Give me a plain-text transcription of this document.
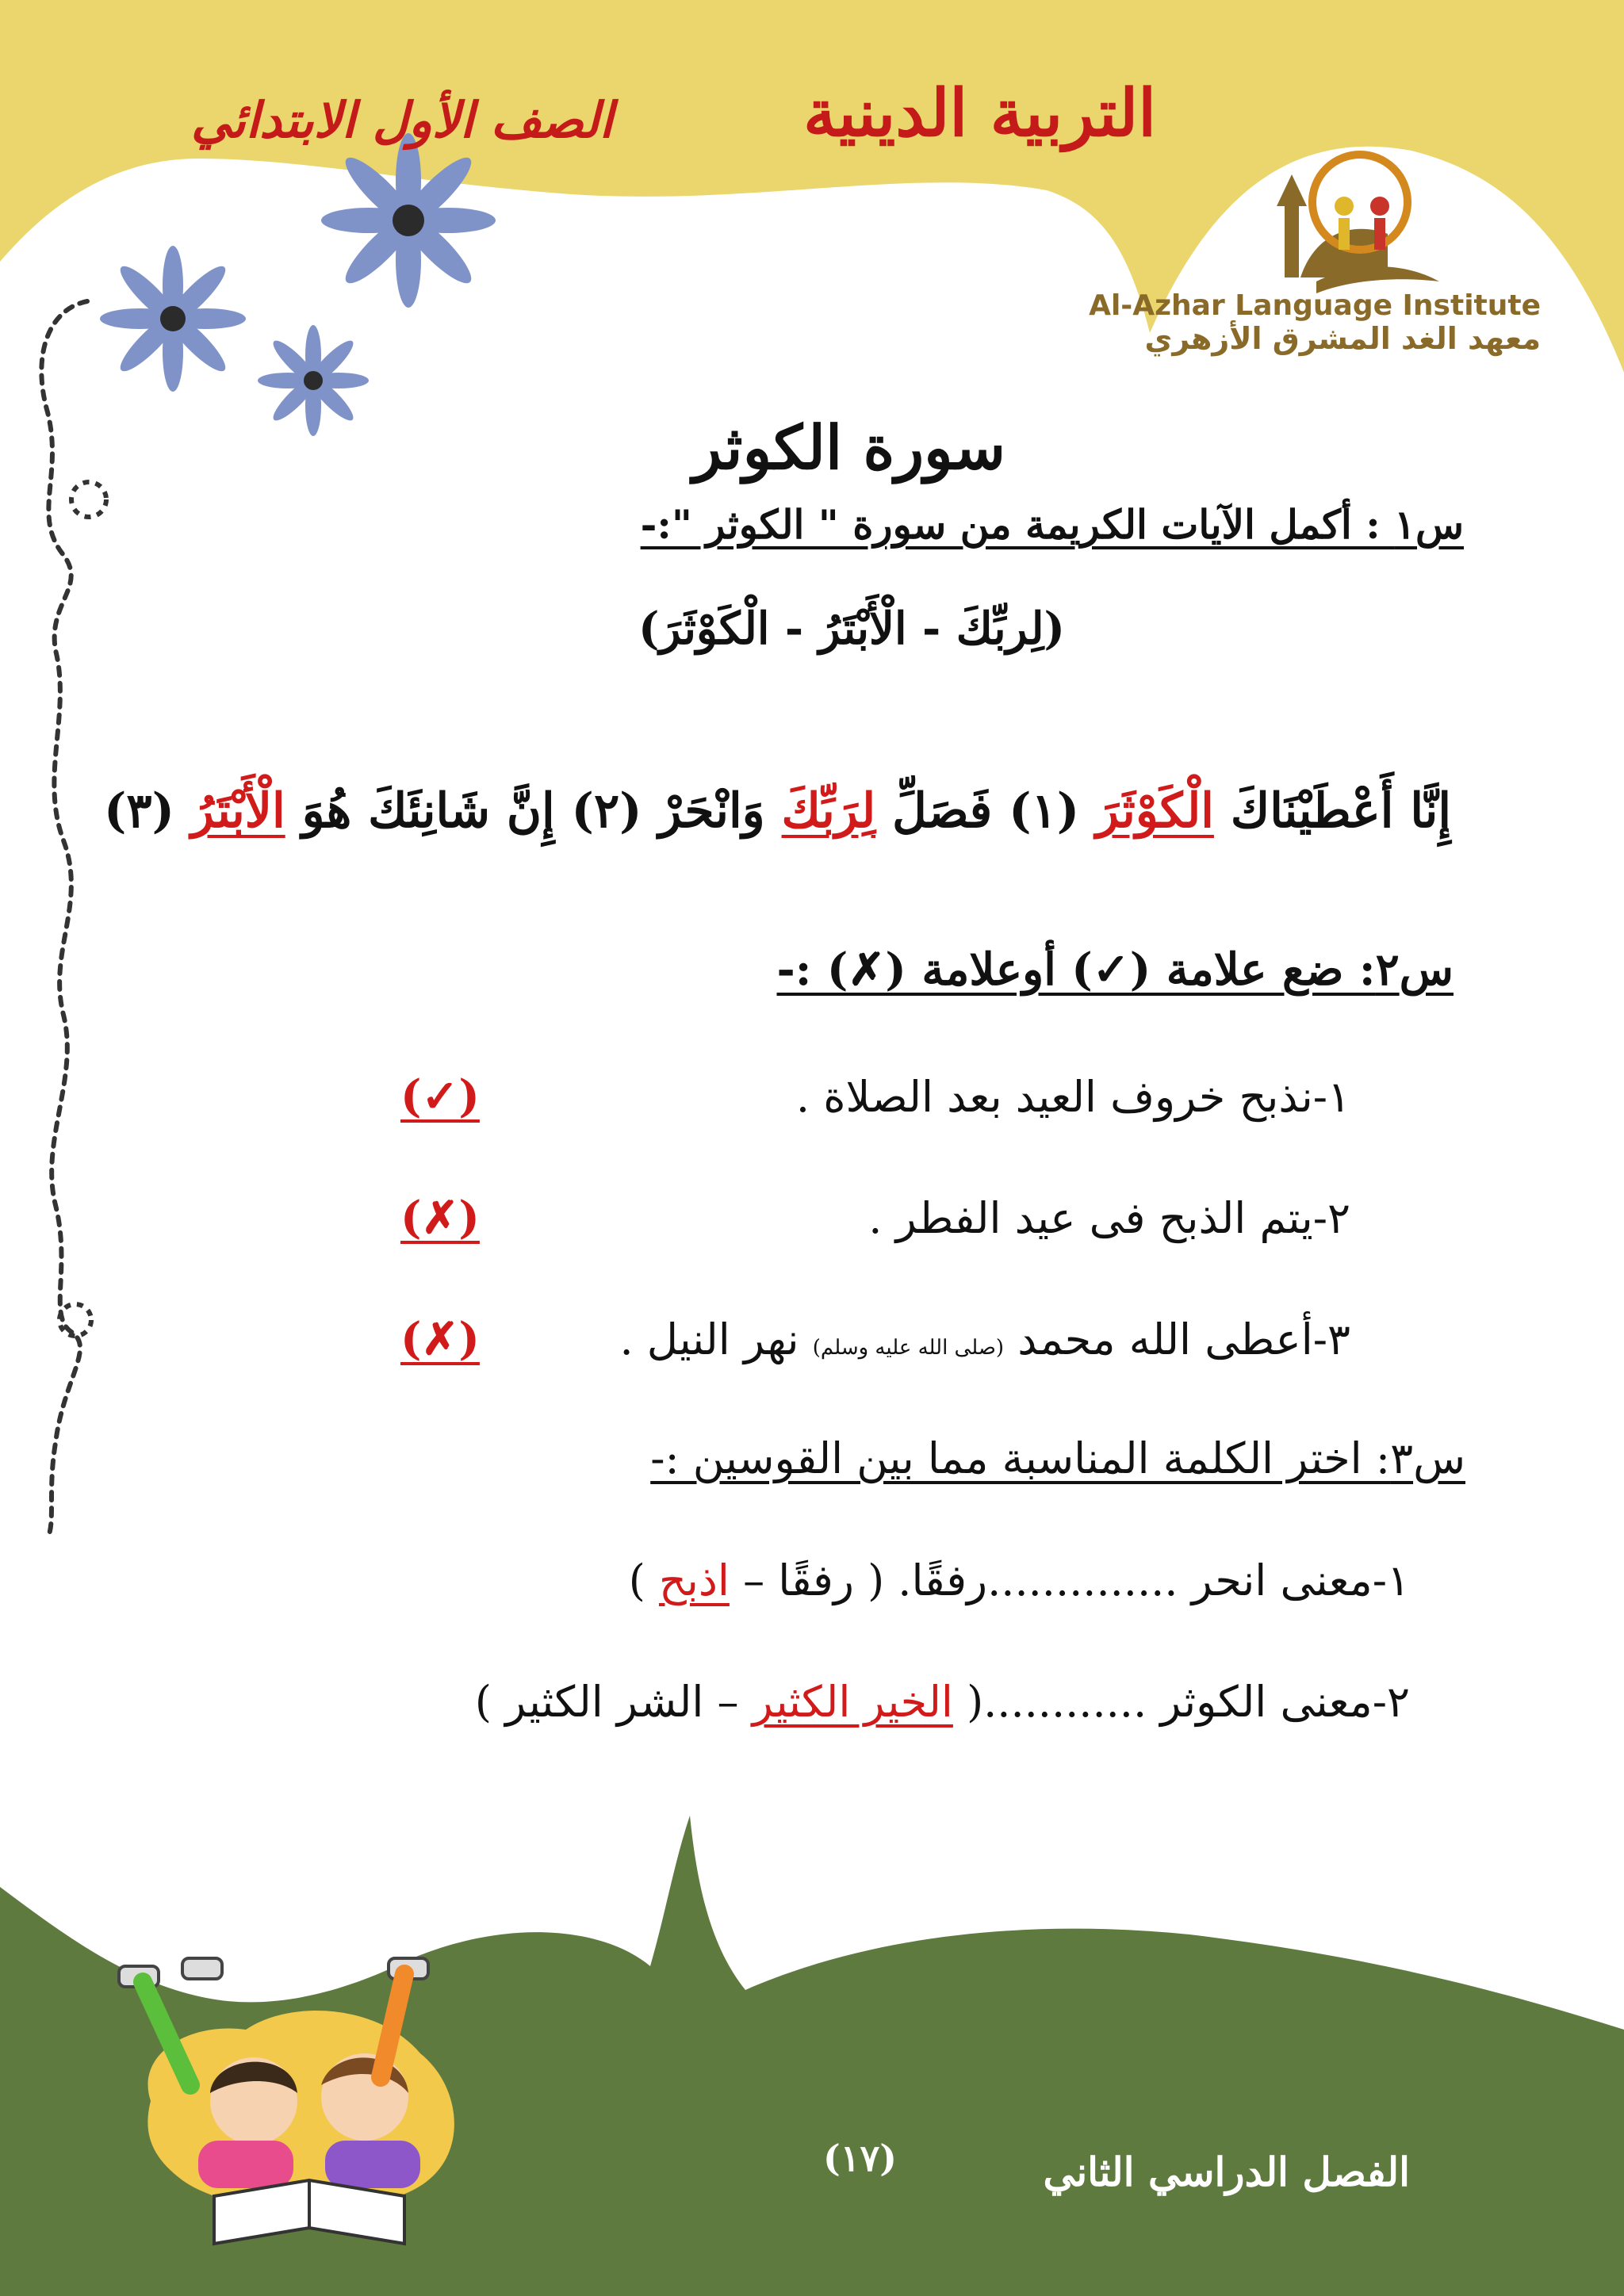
التربية الدينية
الصف الأول الابتدائي
Al-Azhar Language Institute
معهد الغد المشرق الأزهري
سورة الكوثر
س١ : أكمل الآيات الكريمة من سورة " الكوثر ":-
(لِربِّكَ - الْأَبْتَرُ - الْكَوْثَرَ)
إِنَّا أَعْطَيْنَاكَ الْكَوْثَرَ (١) فَصَلِّ لِرَبِّكَ وَانْحَرْ (٢) إِنَّ شَانِئَكَ هُوَ الْأَبْتَرُ (٣)
س٢: ضع علامة (✓) أوعلامة (✗) :-
١-نذبح خروف العيد بعد الصلاة .
(✓)
٢-يتم الذبح فى عيد الفطر .
(✗)
٣-أعطى الله محمد (صلى الله عليه وسلم) نهر النيل .
(✗)
س٣: اختر الكلمة المناسبة مما بين القوسين :-
١-معنى انحر ..............رفقًا. ( رفقًا – اذبح )
٢-معنى الكوثر ............( الخير الكثير – الشر الكثير )
(١٧)	الفصل الدراسي الثاني
